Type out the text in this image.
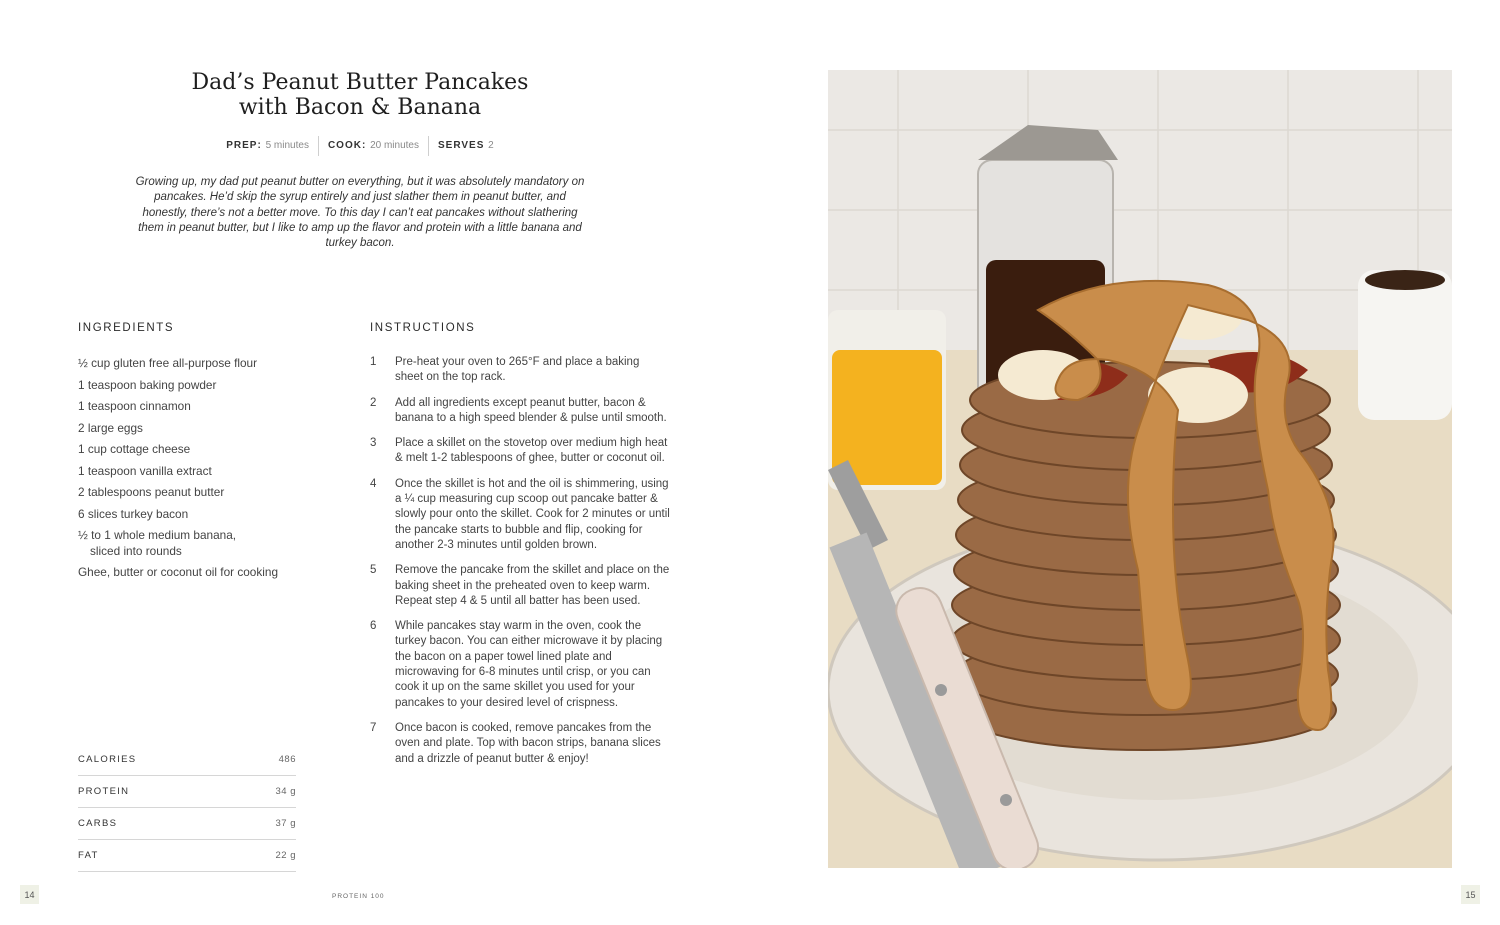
Dad’s Peanut Butter Pancakes
with Bacon & Banana
PREP: 5 minutes	COOK: 20 minutes	SERVES 2

Growing up, my dad put peanut butter on everything, but it was absolutely mandatory on pancakes. He’d skip the syrup entirely and just slather them in peanut butter, and honestly, there’s not a better move. To this day I can’t eat pancakes without slathering them in peanut butter, but I like to amp up the flavor and protein with a little banana and turkey bacon.

INGREDIENTS
½ cup gluten free all-purpose flour
1 teaspoon baking powder
1 teaspoon cinnamon
2 large eggs
1 cup cottage cheese
1 teaspoon vanilla extract
2 tablespoons peanut butter
6 slices turkey bacon
½ to 1 whole medium banana,
sliced into rounds
Ghee, butter or coconut oil for cooking
INSTRUCTIONS
1	Pre-heat your oven to 265°F and place a baking sheet on the top rack.
2	Add all ingredients except peanut butter, bacon & banana to a high speed blender & pulse until smooth.
3	Place a skillet on the stovetop over medium high heat & melt 1-2 tablespoons of ghee, butter or coconut oil.
4	Once the skillet is hot and the oil is shimmering, using a ¼ cup measuring cup scoop out pancake batter & slowly pour onto the skillet. Cook for 2 minutes or until the pancake starts to bubble and flip, cooking for another 2-3 minutes until golden brown.
5	Remove the pancake from the skillet and place on the baking sheet in the preheated oven to keep warm. Repeat step 4 & 5 until all batter has been used.
6	While pancakes stay warm in the oven, cook the turkey bacon. You can either microwave it by placing the bacon on a paper towel lined plate and microwaving for 6-8 minutes until crisp, or you can cook it up on the same skillet you used for your pancakes to your desired level of crispness.
7	Once bacon is cooked, remove pancakes from the oven and plate. Top with bacon strips, banana slices and a drizzle of peanut butter & enjoy!
CALORIES	486
PROTEIN	34 g
CARBS	37 g
FAT	22 g
14	PROTEIN 100	15
